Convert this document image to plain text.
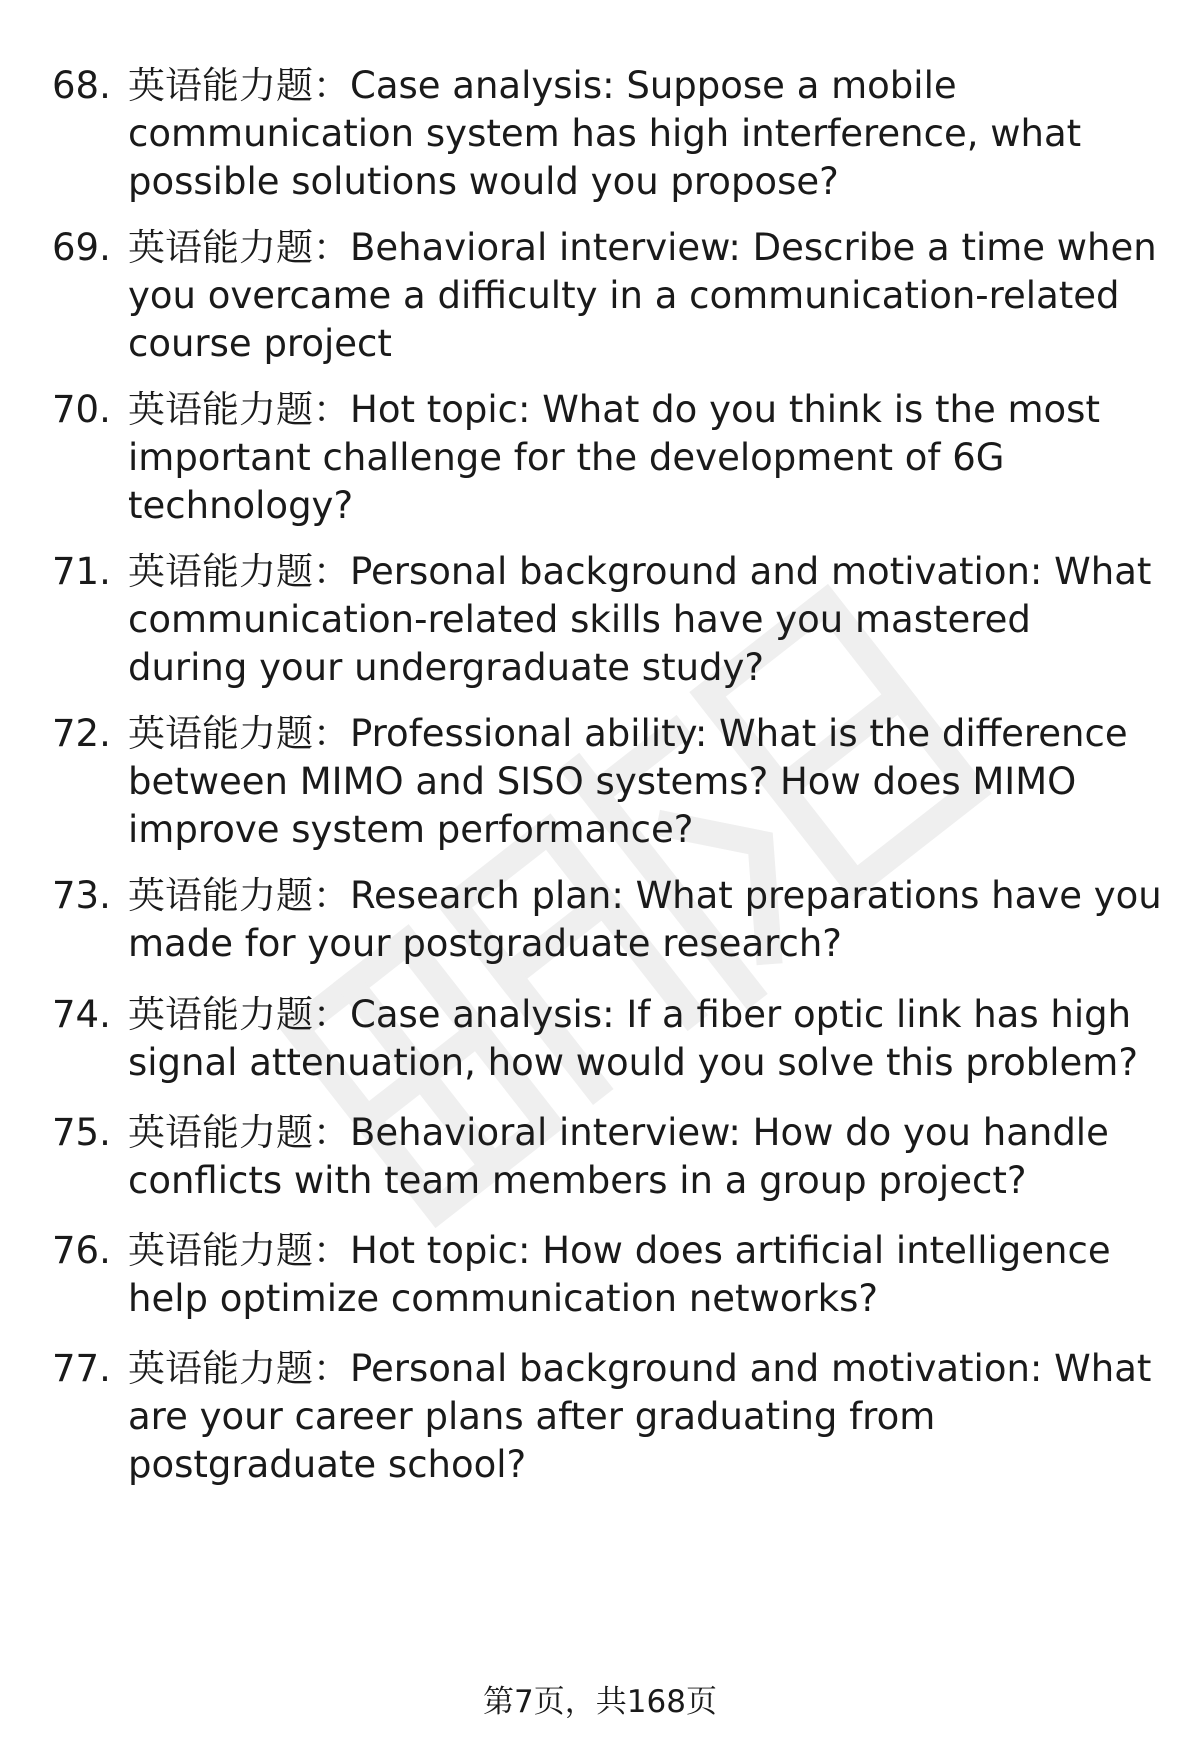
68. 英语能力题：Case analysis: Suppose a mobile communication system has high interference, what possible solutions would you propose?
69. 英语能力题：Behavioral interview: Describe a time when you overcame a difficulty in a communication-related course project
70. 英语能力题：Hot topic: What do you think is the most important challenge for the development of 6G technology?
71. 英语能力题：Personal background and motivation: What communication-related skills have you mastered during your undergraduate study?
72. 英语能力题：Professional ability: What is the difference between MIMO and SISO systems? How does MIMO improve system performance?
73. 英语能力题：Research plan: What preparations have you made for your postgraduate research?
74. 英语能力题：Case analysis: If a fiber optic link has high signal attenuation, how would you solve this problem?
75. 英语能力题：Behavioral interview: How do you handle conflicts with team members in a group project?
76. 英语能力题：Hot topic: How does artificial intelligence help optimize communication networks?
77. 英语能力题：Personal background and motivation: What are your career plans after graduating from postgraduate school?
第7页，共168页
